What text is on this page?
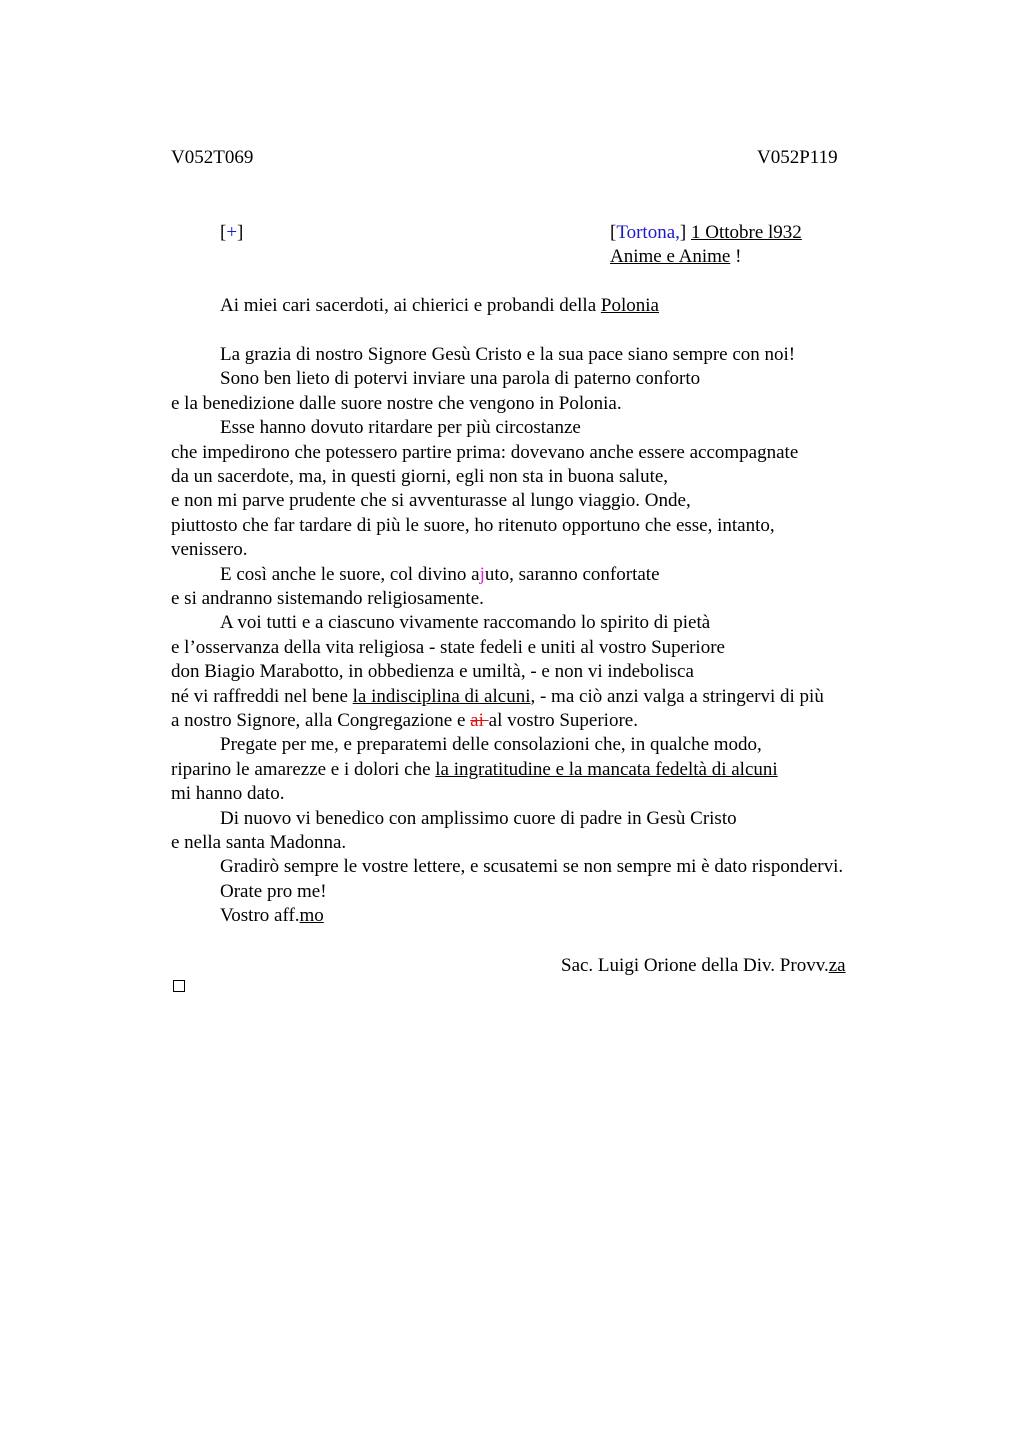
V052T069	V052P119
[+]	[Tortona,] 1 Ottobre l932
Anime e Anime !
Ai miei cari sacerdoti, ai chierici e probandi della Polonia
La grazia di nostro Signore Gesù Cristo e la sua pace siano sempre con noi!
Sono ben lieto di potervi inviare una parola di paterno conforto
e la benedizione dalle suore nostre che vengono in Polonia.
Esse hanno dovuto ritardare per più circostanze
che impedirono che potessero partire prima: dovevano anche essere accompagnate
da un sacerdote, ma, in questi giorni, egli non sta in buona salute,
e non mi parve prudente che si avventurasse al lungo viaggio. Onde,
piuttosto che far tardare di più le suore, ho ritenuto opportuno che esse, intanto,
venissero.
E così anche le suore, col divino ajuto, saranno confortate
e si andranno sistemando religiosamente.
A voi tutti e a ciascuno vivamente raccomando lo spirito di pietà
e l’osservanza della vita religiosa - state fedeli e uniti al vostro Superiore
don Biagio Marabotto, in obbedienza e umiltà, - e non vi indebolisca
né vi raffreddi nel bene la indisciplina di alcuni, - ma ciò anzi valga a stringervi di più
a nostro Signore, alla Congregazione e ai al vostro Superiore.
Pregate per me, e preparatemi delle consolazioni che, in qualche modo,
riparino le amarezze e i dolori che la ingratitudine e la mancata fedeltà di alcuni
mi hanno dato.
Di nuovo vi benedico con amplissimo cuore di padre in Gesù Cristo
e nella santa Madonna.
Gradirò sempre le vostre lettere, e scusatemi se non sempre mi è dato rispondervi.
Orate pro me!
Vostro aff.mo
Sac. Luigi Orione della Div. Provv.za
